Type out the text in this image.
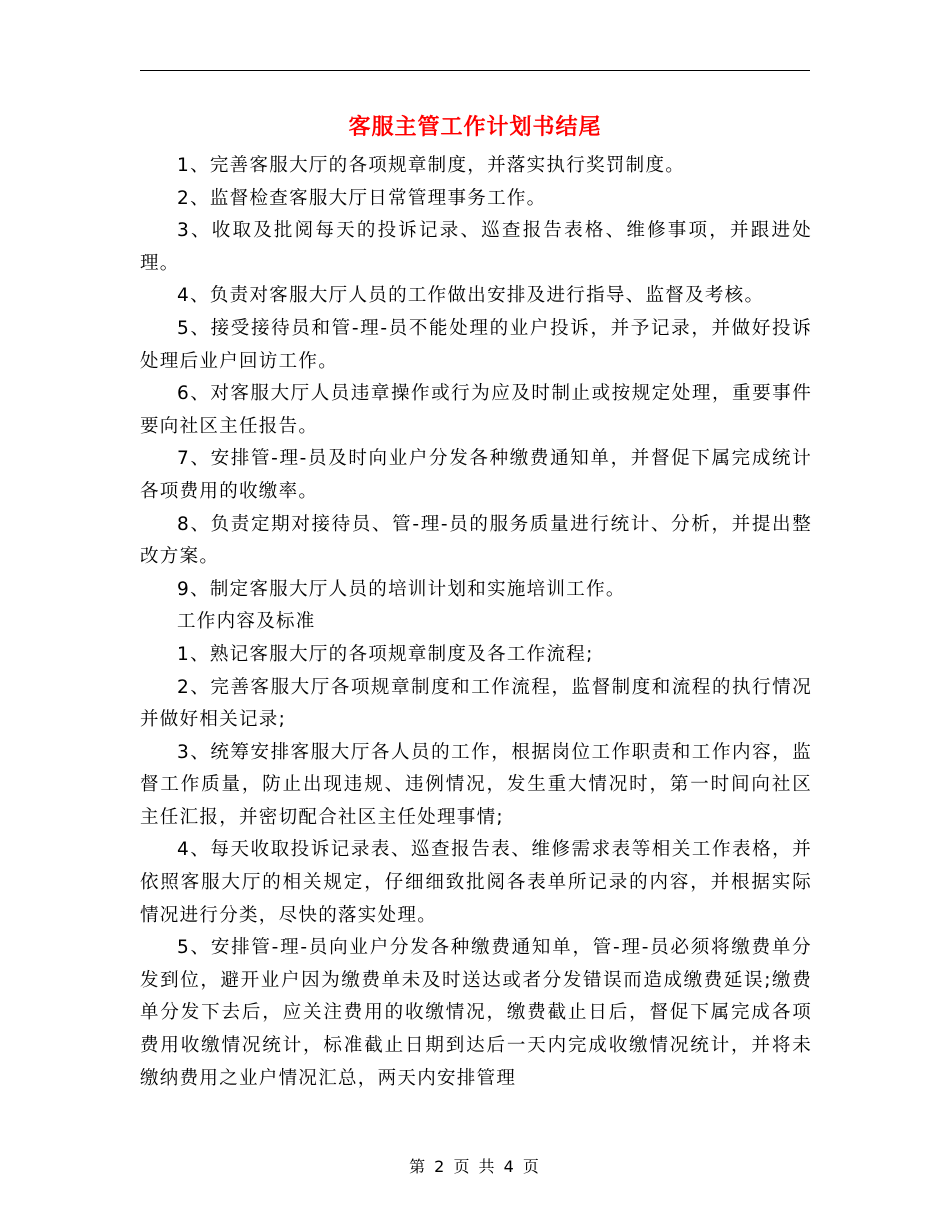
客服主管工作计划书结尾

1、完善客服大厅的各项规章制度，并落实执行奖罚制度。

2、监督检查客服大厅日常管理事务工作。

3、收取及批阅每天的投诉记录、巡查报告表格、维修事项，并跟进处理。

4、负责对客服大厅人员的工作做出安排及进行指导、监督及考核。

5、接受接待员和管-理-员不能处理的业户投诉，并予记录，并做好投诉处理后业户回访工作。

6、对客服大厅人员违章操作或行为应及时制止或按规定处理，重要事件要向社区主任报告。

7、安排管-理-员及时向业户分发各种缴费通知单，并督促下属完成统计各项费用的收缴率。

8、负责定期对接待员、管-理-员的服务质量进行统计、分析，并提出整改方案。

9、制定客服大厅人员的培训计划和实施培训工作。

工作内容及标准

1、熟记客服大厅的各项规章制度及各工作流程;

2、完善客服大厅各项规章制度和工作流程，监督制度和流程的执行情况并做好相关记录;

3、统筹安排客服大厅各人员的工作，根据岗位工作职责和工作内容，监督工作质量，防止出现违规、违例情况，发生重大情况时，第一时间向社区主任汇报，并密切配合社区主任处理事情;

4、每天收取投诉记录表、巡查报告表、维修需求表等相关工作表格，并依照客服大厅的相关规定，仔细细致批阅各表单所记录的内容，并根据实际情况进行分类，尽快的落实处理。

5、安排管-理-员向业户分发各种缴费通知单，管-理-员必须将缴费单分发到位，避开业户因为缴费单未及时送达或者分发错误而造成缴费延误;缴费单分发下去后，应关注费用的收缴情况，缴费截止日后，督促下属完成各项费用收缴情况统计，标准截止日期到达后一天内完成收缴情况统计，并将未缴纳费用之业户情况汇总，两天内安排管理

第 2 页 共 4 页
